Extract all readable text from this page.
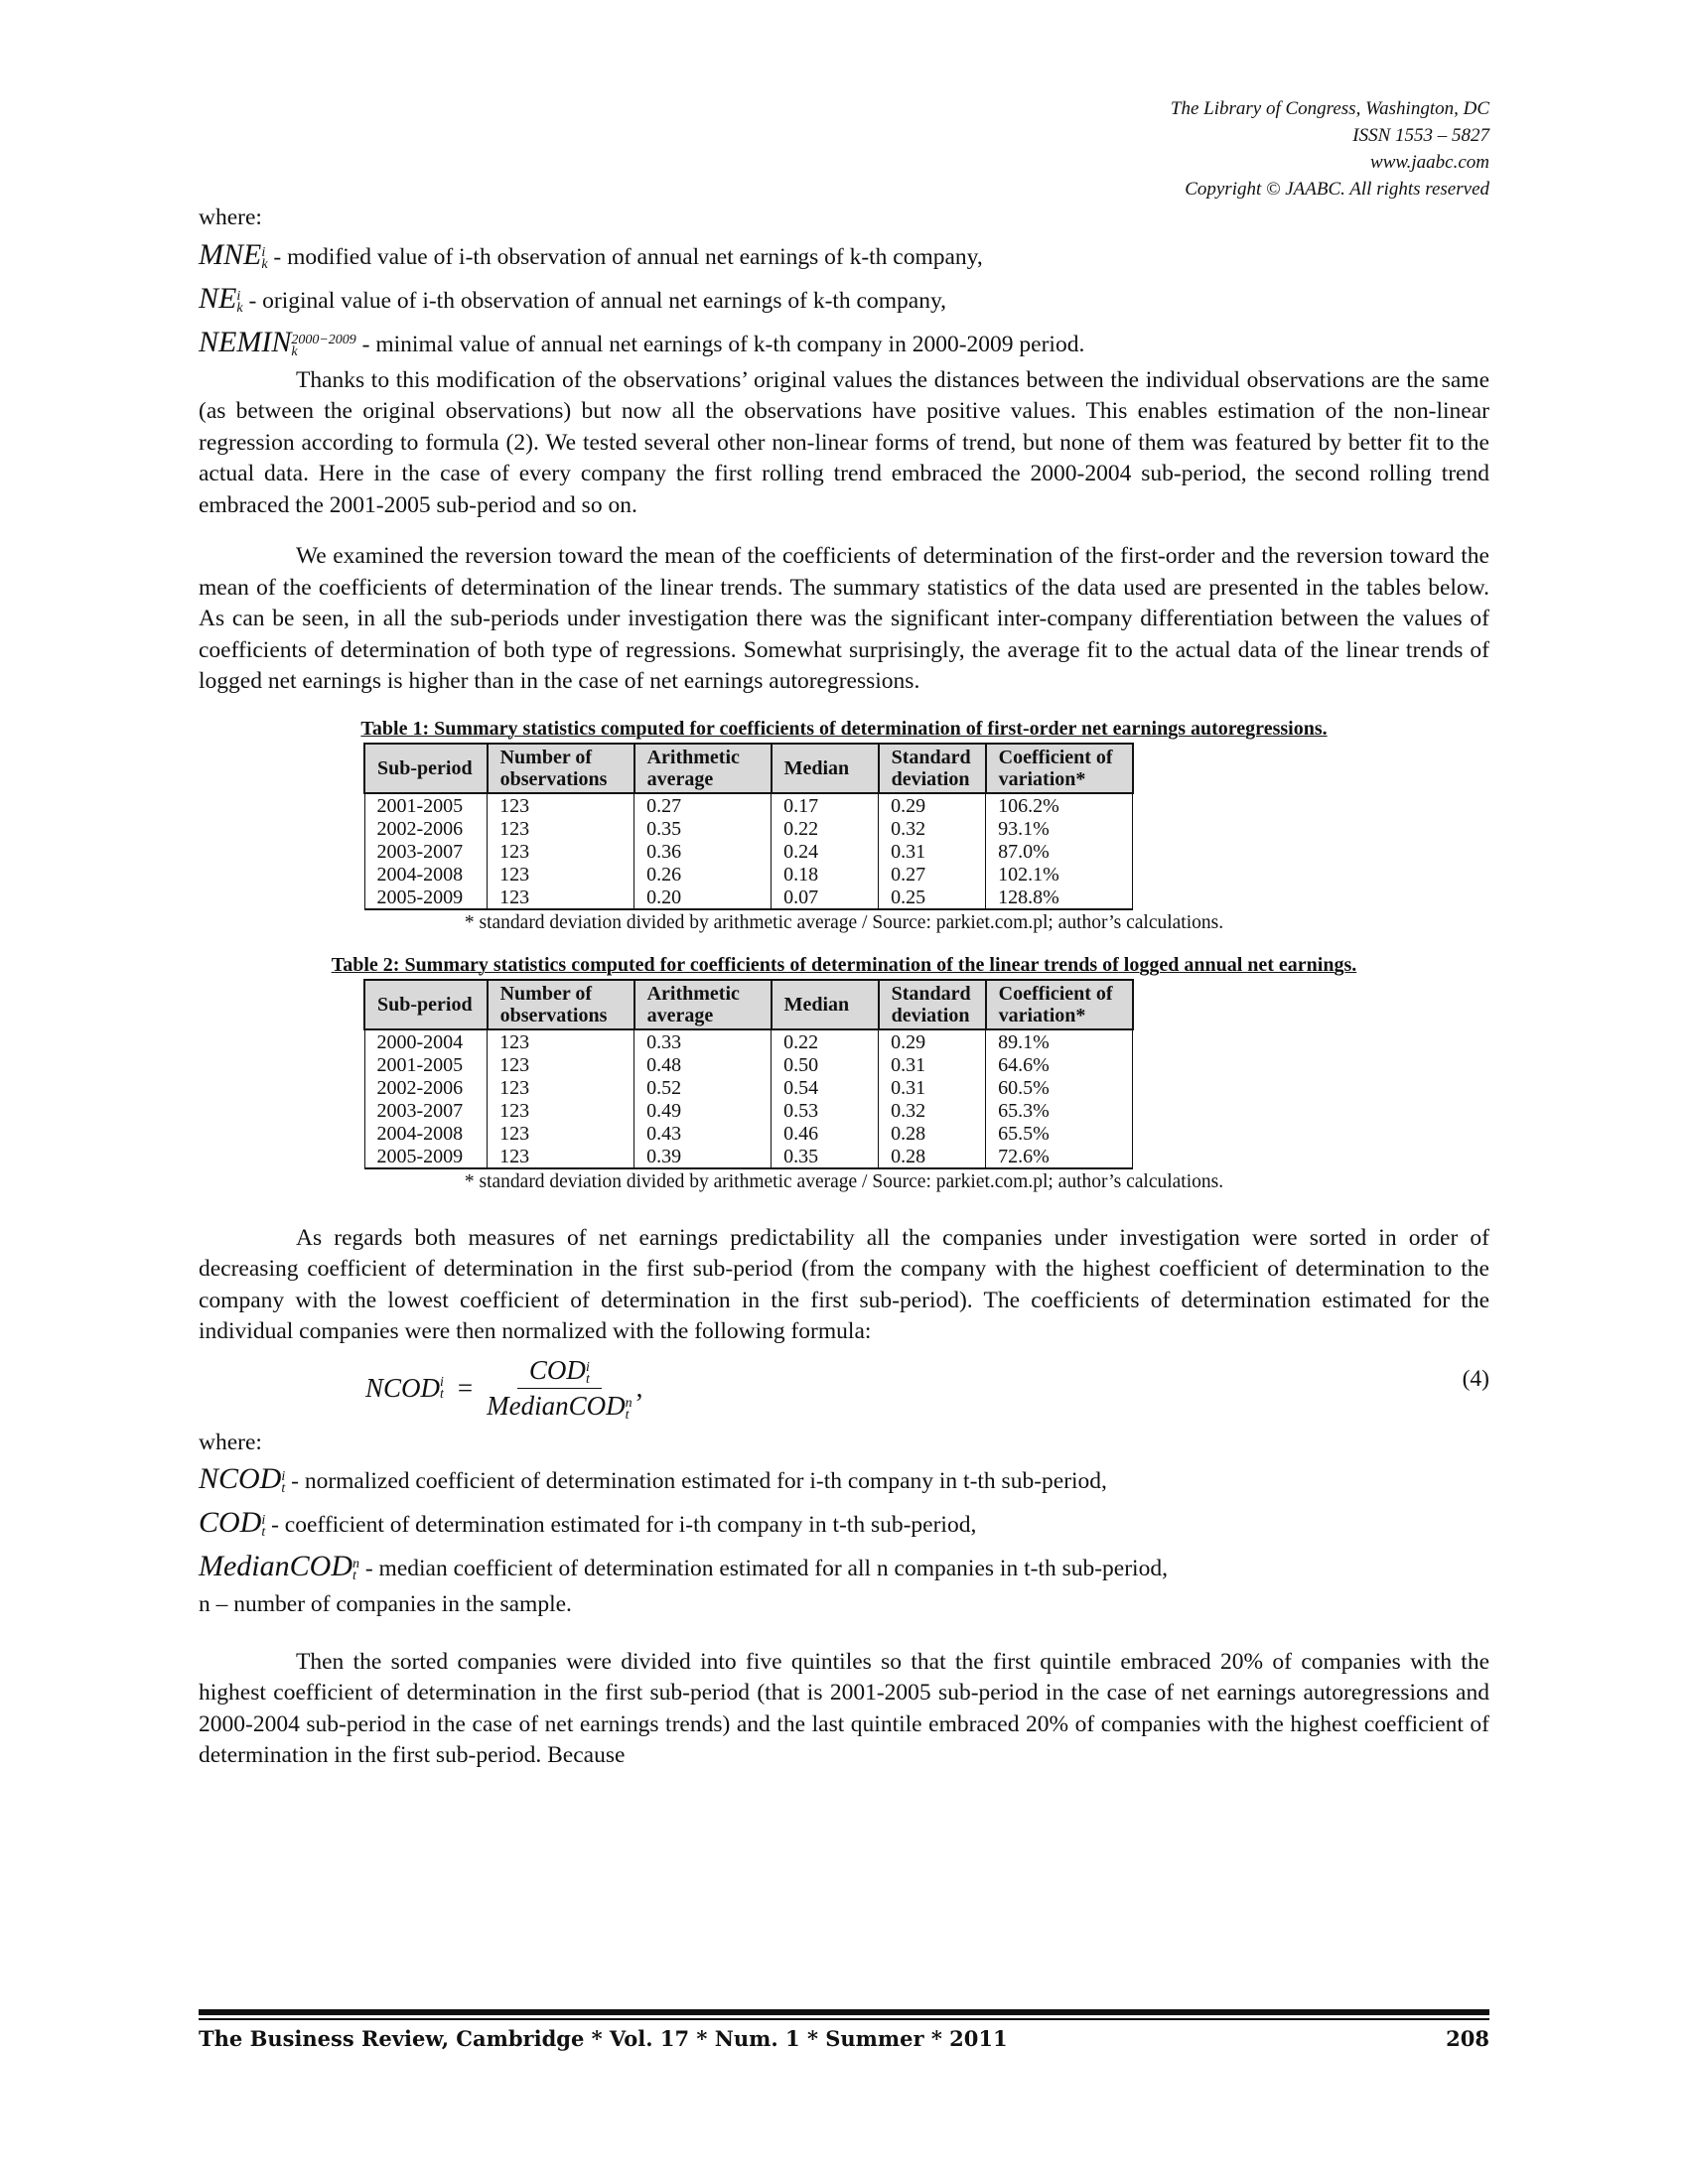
The Library of Congress, Washington, DC
ISSN 1553 – 5827
www.jaabc.com
Copyright © JAABC. All rights reserved

where:

MNE i
k - modified value of i-th observation of annual net earnings of k-th company,

NE i
k - original value of i-th observation of annual net earnings of k-th company,

NEMIN 2000−2009
k	- minimal value of annual net earnings of k-th company in 2000-2009 period.

Thanks to this modification of the observations’ original values the distances between the individual observations are the same (as between the original observations) but now all the observations have positive values. This enables estimation of the non-linear regression according to formula (2). We tested several other non-linear forms of trend, but none of them was featured by better fit to the actual data. Here in the case of every company the first rolling trend embraced the 2000-2004 sub-period, the second rolling trend embraced the 2001-2005 sub-period and so on.

We examined the reversion toward the mean of the coefficients of determination of the first-order and the reversion toward the mean of the coefficients of determination of the linear trends. The summary statistics of the data used are presented in the tables below. As can be seen, in all the sub-periods under investigation there was the significant inter-company differentiation between the values of coefficients of determination of both type of regressions. Somewhat surprisingly, the average fit to the actual data of the linear trends of logged net earnings is higher than in the case of net earnings autoregressions.

Table 1: Summary statistics computed for coefficients of determination of first-order net earnings autoregressions.
Sub-period	Number of observations	Arithmetic average	Median	Standard deviation	Coefficient of variation*
2001-2005	123	0.27	0.17	0.29	106.2%
2002-2006	123	0.35	0.22	0.32	93.1%
2003-2007	123	0.36	0.24	0.31	87.0%
2004-2008	123	0.26	0.18	0.27	102.1%
2005-2009	123	0.20	0.07	0.25	128.8%
* standard deviation divided by arithmetic average / Source: parkiet.com.pl; author’s calculations.
Table 2: Summary statistics computed for coefficients of determination of the linear trends of logged annual net earnings.
Sub-period	Number of observations	Arithmetic average	Median	Standard deviation	Coefficient of variation*
2000-2004	123	0.33	0.22	0.29	89.1%
2001-2005	123	0.48	0.50	0.31	64.6%
2002-2006	123	0.52	0.54	0.31	60.5%
2003-2007	123	0.49	0.53	0.32	65.3%
2004-2008	123	0.43	0.46	0.28	65.5%
2005-2009	123	0.39	0.35	0.28	72.6%
* standard deviation divided by arithmetic average / Source: parkiet.com.pl; author’s calculations.

As regards both measures of net earnings predictability all the companies under investigation were sorted in order of decreasing coefficient of determination in the first sub-period (from the company with the highest coefficient of determination to the company with the lowest coefficient of determination in the first sub-period). The coefficients of determination estimated for the individual companies were then normalized with the following formula:

NCOD i
t = COD i
t
MedianCOD n
t ,	(4)

where:

NCOD i
t - normalized coefficient of determination estimated for i-th company in t-th sub-period,

COD i
t - coefficient of determination estimated for i-th company in t-th sub-period,

MedianCOD n
t - median coefficient of determination estimated for all n companies in t-th sub-period,

n – number of companies in the sample.

Then the sorted companies were divided into five quintiles so that the first quintile embraced 20% of companies with the highest coefficient of determination in the first sub-period (that is 2001-2005 sub-period in the case of net earnings autoregressions and 2000-2004 sub-period in the case of net earnings trends) and the last quintile embraced 20% of companies with the highest coefficient of determination in the first sub-period. Because

The Business Review, Cambridge * Vol. 17 * Num. 1 * Summer * 2011	208
